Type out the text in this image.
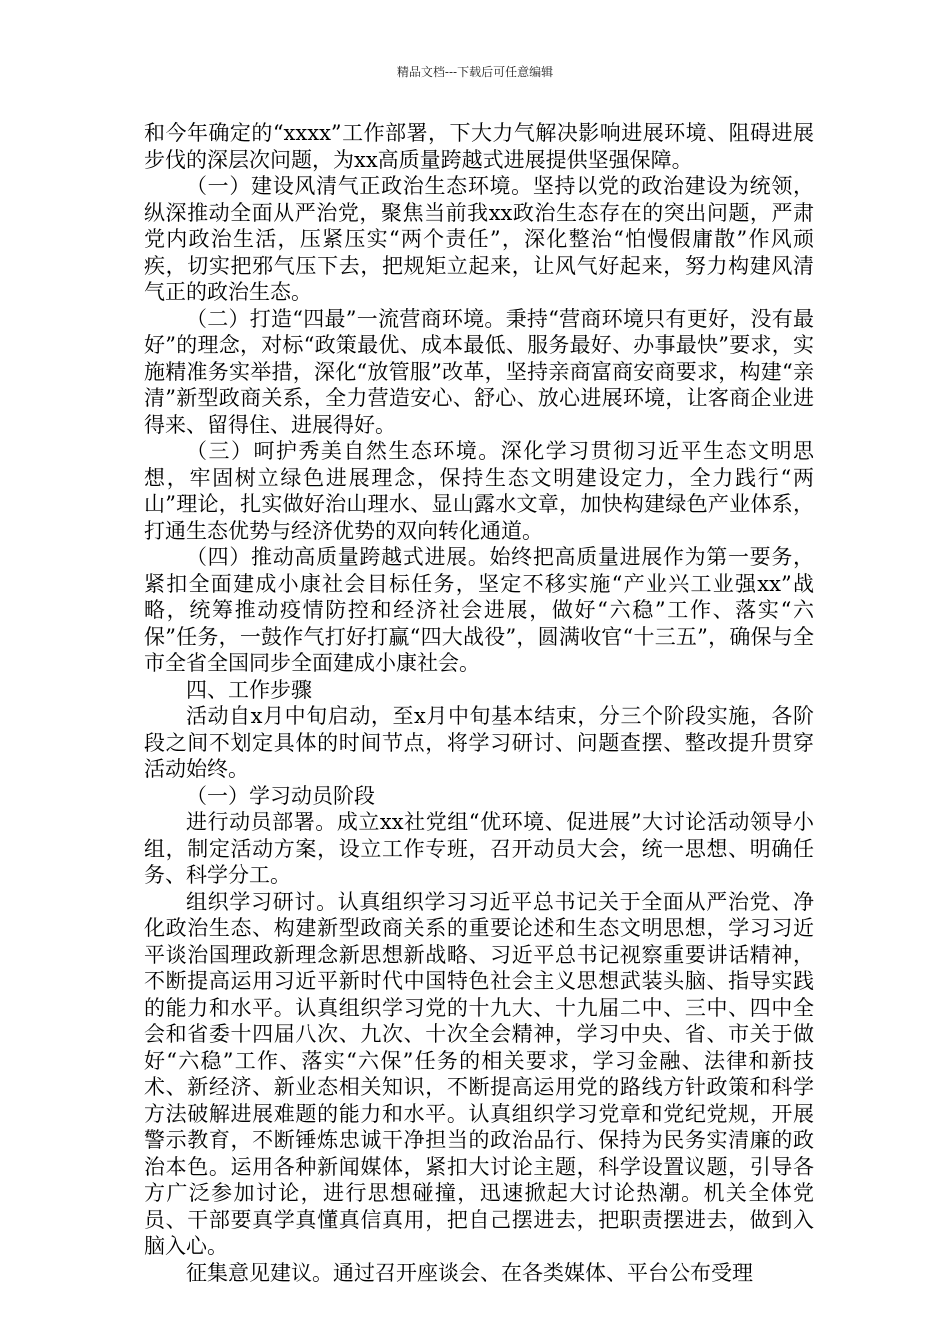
精品文档---下载后可任意编辑

和今年确定的“xxxx”工作部署，下大力气解决影响进展环境、阻碍进展步伐的深层次问题，为xx高质量跨越式进展提供坚强保障。

（一）建设风清气正政治生态环境。坚持以党的政治建设为统领，纵深推动全面从严治党，聚焦当前我xx政治生态存在的突出问题，严肃党内政治生活，压紧压实“两个责任”，深化整治“怕慢假庸散”作风顽疾，切实把邪气压下去，把规矩立起来，让风气好起来，努力构建风清气正的政治生态。

（二）打造“四最”一流营商环境。秉持“营商环境只有更好，没有最好”的理念，对标“政策最优、成本最低、服务最好、办事最快”要求，实施精准务实举措，深化“放管服”改革，坚持亲商富商安商要求，构建“亲清”新型政商关系，全力营造安心、舒心、放心进展环境，让客商企业进得来、留得住、进展得好。

（三）呵护秀美自然生态环境。深化学习贯彻习近平生态文明思想，牢固树立绿色进展理念，保持生态文明建设定力，全力践行“两山”理论，扎实做好治山理水、显山露水文章，加快构建绿色产业体系，打通生态优势与经济优势的双向转化通道。

（四）推动高质量跨越式进展。始终把高质量进展作为第一要务，紧扣全面建成小康社会目标任务，坚定不移实施“产业兴工业强xx”战略，统筹推动疫情防控和经济社会进展，做好“六稳”工作、落实“六保”任务，一鼓作气打好打赢“四大战役”，圆满收官“十三五”，确保与全市全省全国同步全面建成小康社会。

四、工作步骤

活动自x月中旬启动，至x月中旬基本结束，分三个阶段实施，各阶段之间不划定具体的时间节点，将学习研讨、问题查摆、整改提升贯穿活动始终。

（一）学习动员阶段

进行动员部署。成立xx社党组“优环境、促进展”大讨论活动领导小组，制定活动方案，设立工作专班，召开动员大会，统一思想、明确任务、科学分工。

组织学习研讨。认真组织学习习近平总书记关于全面从严治党、净化政治生态、构建新型政商关系的重要论述和生态文明思想，学习习近平谈治国理政新理念新思想新战略、习近平总书记视察重要讲话精神，不断提高运用习近平新时代中国特色社会主义思想武装头脑、指导实践的能力和水平。认真组织学习党的十九大、十九届二中、三中、四中全会和省委十四届八次、九次、十次全会精神，学习中央、省、市关于做好“六稳”工作、落实“六保”任务的相关要求，学习金融、法律和新技术、新经济、新业态相关知识，不断提高运用党的路线方针政策和科学方法破解进展难题的能力和水平。认真组织学习党章和党纪党规，开展警示教育，不断锤炼忠诚干净担当的政治品行、保持为民务实清廉的政治本色。运用各种新闻媒体，紧扣大讨论主题，科学设置议题，引导各方广泛参加讨论，进行思想碰撞，迅速掀起大讨论热潮。机关全体党员、干部要真学真懂真信真用，把自己摆进去，把职责摆进去，做到入脑入心。

征集意见建议。通过召开座谈会、在各类媒体、平台公布受理
